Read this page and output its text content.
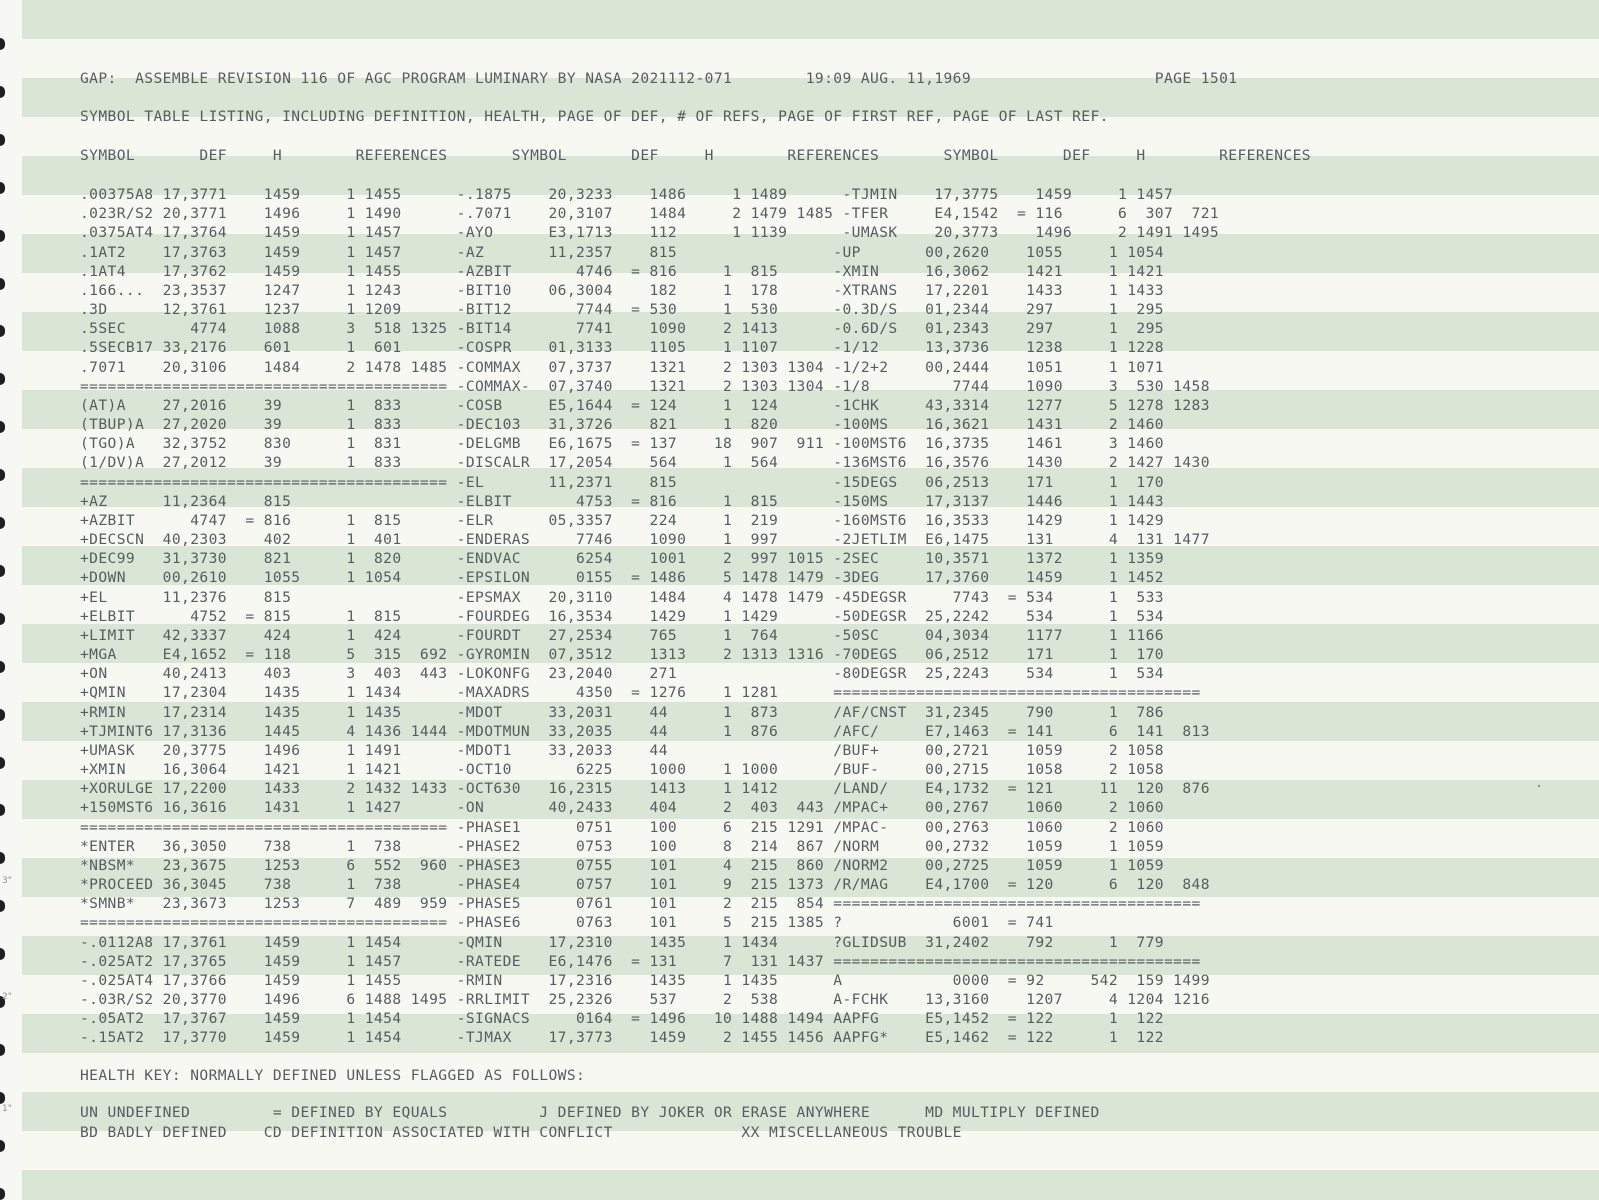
3"
2"
1"
GAP:  ASSEMBLE REVISION 116 OF AGC PROGRAM LUMINARY BY NASA 2021112-071        19:09 AUG. 11,1969                    PAGE 1501
SYMBOL TABLE LISTING, INCLUDING DEFINITION, HEALTH, PAGE OF DEF, # OF REFS, PAGE OF FIRST REF, PAGE OF LAST REF.
SYMBOL       DEF     H        REFERENCES       SYMBOL       DEF     H        REFERENCES       SYMBOL       DEF     H        REFERENCES
.00375A8 17,3771    1459     1 1455      -.1875    20,3233    1486     1 1489      -TJMIN    17,3775    1459     1 1457
.023R/S2 20,3771    1496     1 1490      -.7071    20,3107    1484     2 1479 1485 -TFER     E4,1542  = 116      6  307  721
.0375AT4 17,3764    1459     1 1457      -AYO      E3,1713    112      1 1139      -UMASK    20,3773    1496     2 1491 1495
.1AT2    17,3763    1459     1 1457      -AZ       11,2357    815                 -UP       00,2620    1055     1 1054
.1AT4    17,3762    1459     1 1455      -AZBIT       4746  = 816     1  815      -XMIN     16,3062    1421     1 1421
.166...  23,3537    1247     1 1243      -BIT10    06,3004    182     1  178      -XTRANS   17,2201    1433     1 1433
.3D      12,3761    1237     1 1209      -BIT12       7744  = 530     1  530      -0.3D/S   01,2344    297      1  295
.5SEC       4774    1088     3  518 1325 -BIT14       7741    1090    2 1413      -0.6D/S   01,2343    297      1  295
.5SECB17 33,2176    601      1  601      -COSPR    01,3133    1105    1 1107      -1/12     13,3736    1238     1 1228
.7071    20,3106    1484     2 1478 1485 -COMMAX   07,3737    1321    2 1303 1304 -1/2+2    00,2444    1051     1 1071
======================================== -COMMAX-  07,3740    1321    2 1303 1304 -1/8         7744    1090     3  530 1458
(AT)A    27,2016    39       1  833      -COSB     E5,1644  = 124     1  124      -1CHK     43,3314    1277     5 1278 1283
(TBUP)A  27,2020    39       1  833      -DEC103   31,3726    821     1  820      -100MS    16,3621    1431     2 1460
(TGO)A   32,3752    830      1  831      -DELGMB   E6,1675  = 137    18  907  911 -100MST6  16,3735    1461     3 1460
(1/DV)A  27,2012    39       1  833      -DISCALR  17,2054    564     1  564      -136MST6  16,3576    1430     2 1427 1430
======================================== -EL       11,2371    815                 -15DEGS   06,2513    171      1  170
+AZ      11,2364    815                  -ELBIT       4753  = 816     1  815      -150MS    17,3137    1446     1 1443
+AZBIT      4747  = 816      1  815      -ELR      05,3357    224     1  219      -160MST6  16,3533    1429     1 1429
+DECSCN  40,2303    402      1  401      -ENDERAS     7746    1090    1  997      -2JETLIM  E6,1475    131      4  131 1477
+DEC99   31,3730    821      1  820      -ENDVAC      6254    1001    2  997 1015 -2SEC     10,3571    1372     1 1359
+DOWN    00,2610    1055     1 1054      -EPSILON     0155  = 1486    5 1478 1479 -3DEG     17,3760    1459     1 1452
+EL      11,2376    815                  -EPSMAX   20,3110    1484    4 1478 1479 -45DEGSR     7743  = 534      1  533
+ELBIT      4752  = 815      1  815      -FOURDEG  16,3534    1429    1 1429      -50DEGSR  25,2242    534      1  534
+LIMIT   42,3337    424      1  424      -FOURDT   27,2534    765     1  764      -50SC     04,3034    1177     1 1166
+MGA     E4,1652  = 118      5  315  692 -GYROMIN  07,3512    1313    2 1313 1316 -70DEGS   06,2512    171      1  170
+ON      40,2413    403      3  403  443 -LOKONFG  23,2040    271                 -80DEGSR  25,2243    534      1  534
+QMIN    17,2304    1435     1 1434      -MAXADRS     4350  = 1276    1 1281      ========================================
+RMIN    17,2314    1435     1 1435      -MDOT     33,2031    44      1  873      /AF/CNST  31,2345    790      1  786
+TJMINT6 17,3136    1445     4 1436 1444 -MDOTMUN  33,2035    44      1  876      /AFC/     E7,1463  = 141      6  141  813
+UMASK   20,3775    1496     1 1491      -MDOT1    33,2033    44                  /BUF+     00,2721    1059     2 1058
+XMIN    16,3064    1421     1 1421      -OCT10       6225    1000    1 1000      /BUF-     00,2715    1058     2 1058
+XORULGE 17,2200    1433     2 1432 1433 -OCT630   16,2315    1413    1 1412      /LAND/    E4,1732  = 121     11  120  876
+150MST6 16,3616    1431     1 1427      -ON       40,2433    404     2  403  443 /MPAC+    00,2767    1060     2 1060
======================================== -PHASE1      0751    100     6  215 1291 /MPAC-    00,2763    1060     2 1060
*ENTER   36,3050    738      1  738      -PHASE2      0753    100     8  214  867 /NORM     00,2732    1059     1 1059
*NBSM*   23,3675    1253     6  552  960 -PHASE3      0755    101     4  215  860 /NORM2    00,2725    1059     1 1059
*PROCEED 36,3045    738      1  738      -PHASE4      0757    101     9  215 1373 /R/MAG    E4,1700  = 120      6  120  848
*SMNB*   23,3673    1253     7  489  959 -PHASE5      0761    101     2  215  854 ========================================
======================================== -PHASE6      0763    101     5  215 1385 ?            6001  = 741
-.0112A8 17,3761    1459     1 1454      -QMIN     17,2310    1435    1 1434      ?GLIDSUB  31,2402    792      1  779
-.025AT2 17,3765    1459     1 1457      -RATEDE   E6,1476  = 131     7  131 1437 ========================================
-.025AT4 17,3766    1459     1 1455      -RMIN     17,2316    1435    1 1435      A            0000  = 92     542  159 1499
-.03R/S2 20,3770    1496     6 1488 1495 -RRLIMIT  25,2326    537     2  538      A-FCHK    13,3160    1207     4 1204 1216
-.05AT2  17,3767    1459     1 1454      -SIGNACS     0164  = 1496   10 1488 1494 AAPFG     E5,1452  = 122      1  122
-.15AT2  17,3770    1459     1 1454      -TJMAX    17,3773    1459    2 1455 1456 AAPFG*    E5,1462  = 122      1  122
HEALTH KEY: NORMALLY DEFINED UNLESS FLAGGED AS FOLLOWS:
UN UNDEFINED         = DEFINED BY EQUALS          J DEFINED BY JOKER OR ERASE ANYWHERE      MD MULTIPLY DEFINED
BD BADLY DEFINED    CD DEFINITION ASSOCIATED WITH CONFLICT              XX MISCELLANEOUS TROUBLE
